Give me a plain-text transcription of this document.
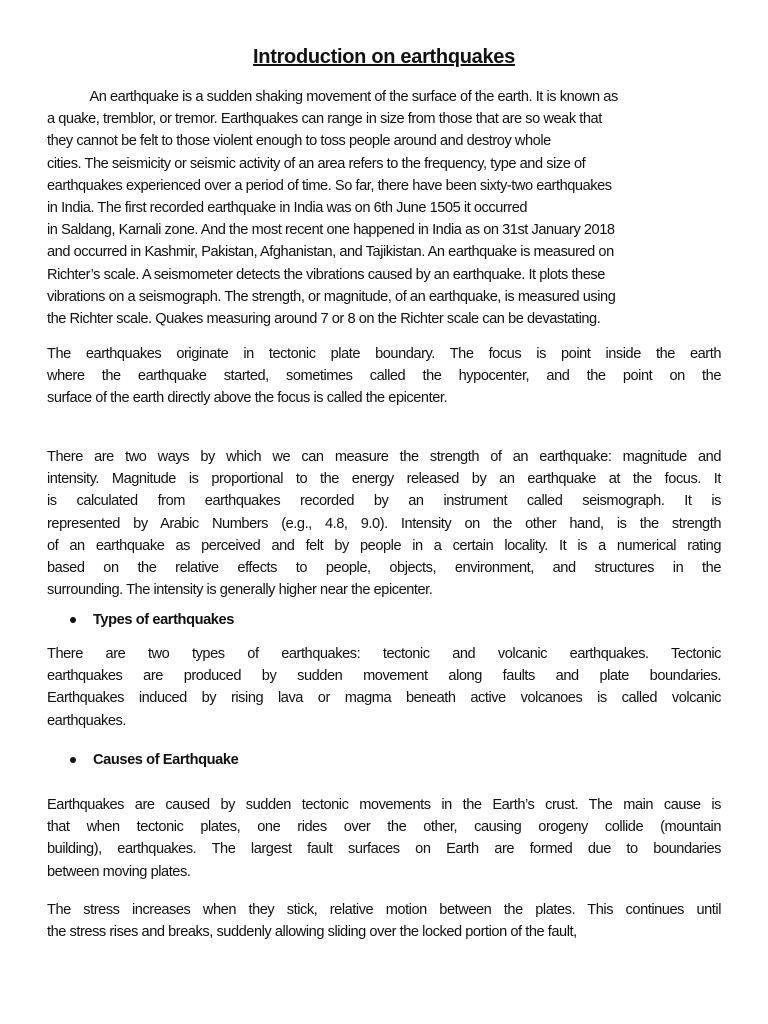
Introduction on earthquakes
An earthquake is a sudden shaking movement of the surface of the earth. It is known as
a quake, tremblor, or tremor. Earthquakes can range in size from those that are so weak that
they cannot be felt to those violent enough to toss people around and destroy whole
cities. The seismicity or seismic activity of an area refers to the frequency, type and size of
earthquakes experienced over a period of time. So far, there have been sixty-two earthquakes
in India. The first recorded earthquake in India was on 6th June 1505 it occurred
in Saldang, Karnali zone. And the most recent one happened in India as on 31st January 2018
and occurred in Kashmir, Pakistan, Afghanistan, and Tajikistan. An earthquake is measured on
Richter’s scale. A seismometer detects the vibrations caused by an earthquake. It plots these
vibrations on a seismograph. The strength, or magnitude, of an earthquake, is measured using
the Richter scale. Quakes measuring around 7 or 8 on the Richter scale can be devastating.
The earthquakes originate in tectonic plate boundary. The focus is point inside the earth
where the earthquake started, sometimes called the hypocenter, and the point on the
surface of the earth directly above the focus is called the epicenter.
There are two ways by which we can measure the strength of an earthquake: magnitude and
intensity. Magnitude is proportional to the energy released by an earthquake at the focus. It
is calculated from earthquakes recorded by an instrument called seismograph. It is
represented by Arabic Numbers (e.g., 4.8, 9.0). Intensity on the other hand, is the strength
of an earthquake as perceived and felt by people in a certain locality. It is a numerical rating
based on the relative effects to people, objects, environment, and structures in the
surrounding. The intensity is generally higher near the epicenter.
Types of earthquakes
There are two types of earthquakes: tectonic and volcanic earthquakes. Tectonic
earthquakes are produced by sudden movement along faults and plate boundaries.
Earthquakes induced by rising lava or magma beneath active volcanoes is called volcanic
earthquakes.
Causes of Earthquake
Earthquakes are caused by sudden tectonic movements in the Earth’s crust. The main cause is
that when tectonic plates, one rides over the other, causing orogeny collide (mountain
building), earthquakes. The largest fault surfaces on Earth are formed due to boundaries
between moving plates.
The stress increases when they stick, relative motion between the plates. This continues until
the stress rises and breaks, suddenly allowing sliding over the locked portion of the fault,
